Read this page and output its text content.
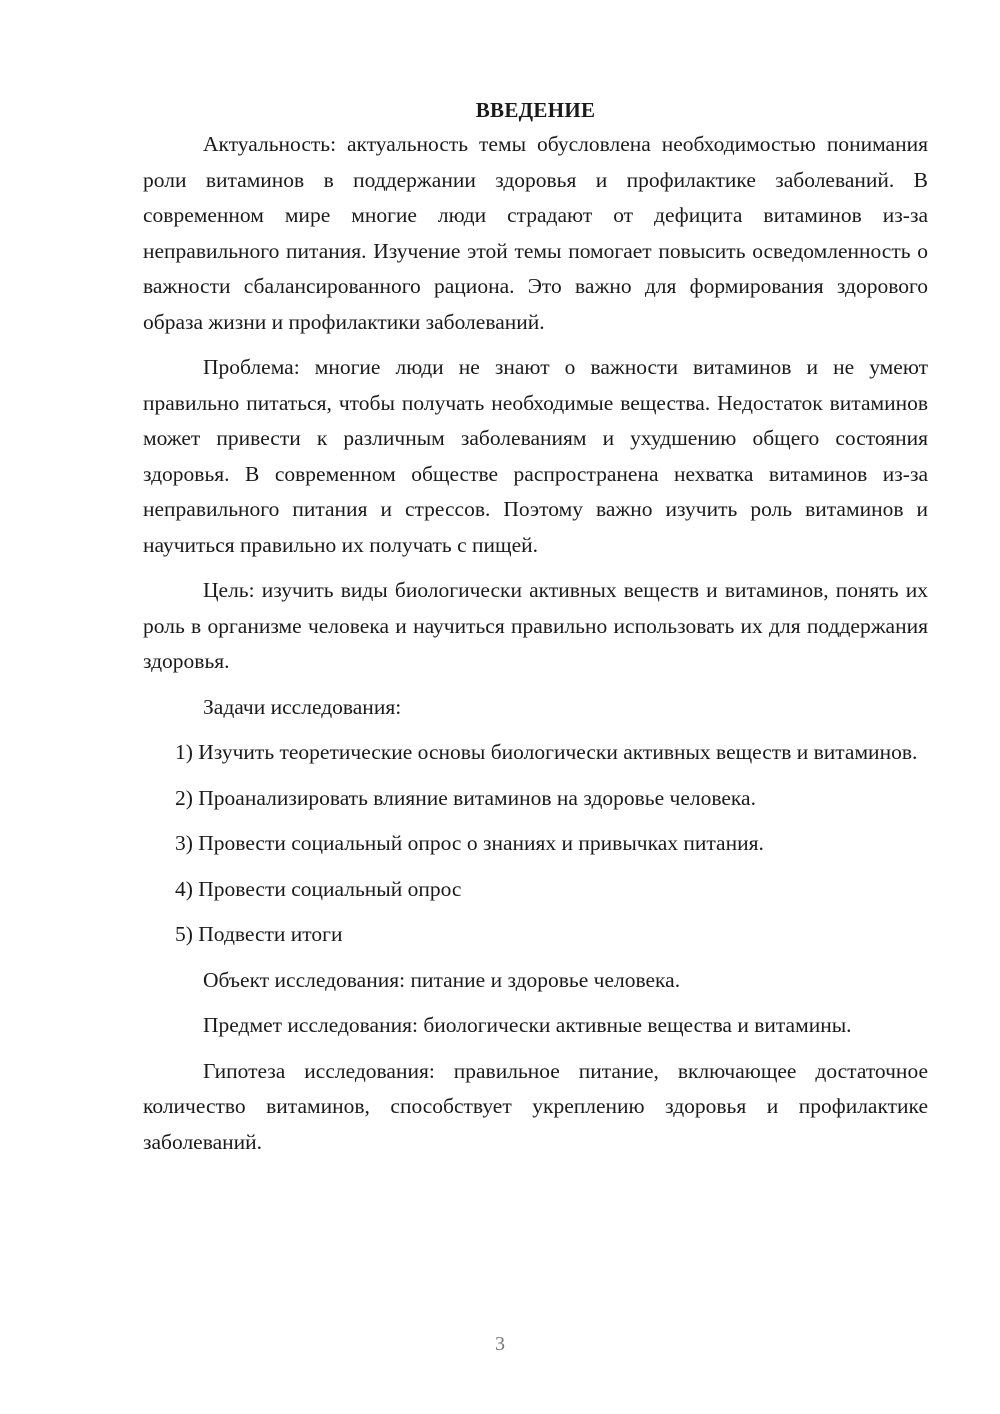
ВВЕДЕНИЕ

Актуальность: актуальность темы обусловлена необходимостью понимания роли витаминов в поддержании здоровья и профилактике заболеваний. В современном мире многие люди страдают от дефицита витаминов из-за неправильного питания. Изучение этой темы помогает повысить осведомленность о важности сбалансированного рациона. Это важно для формирования здорового образа жизни и профилактики заболеваний.

Проблема: многие люди не знают о важности витаминов и не умеют правильно питаться, чтобы получать необходимые вещества. Недостаток витаминов может привести к различным заболеваниям и ухудшению общего состояния здоровья. В современном обществе распространена нехватка витаминов из-за неправильного питания и стрессов. Поэтому важно изучить роль витаминов и научиться правильно их получать с пищей.

Цель: изучить виды биологически активных веществ и витаминов, понять их роль в организме человека и научиться правильно использовать их для поддержания здоровья.

Задачи исследования:

1) Изучить теоретические основы биологически активных веществ и витаминов.

2) Проанализировать влияние витаминов на здоровье человека.

3) Провести социальный опрос о знаниях и привычках питания.

4) Провести социальный опрос

5) Подвести итоги

Объект исследования: питание и здоровье человека.

Предмет исследования: биологически активные вещества и витамины.

Гипотеза исследования: правильное питание, включающее достаточное количество витаминов, способствует укреплению здоровья и профилактике заболеваний.

3
